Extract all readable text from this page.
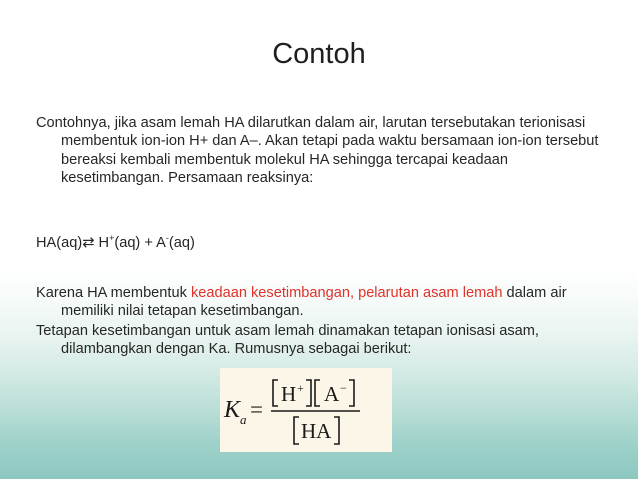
Contoh

Contohnya, jika asam lemah HA dilarutkan dalam air, larutan tersebutakan terionisasi membentuk ion-ion H+ dan A–. Akan tetapi pada waktu bersamaan ion-ion tersebut bereaksi kembali membentuk molekul HA sehingga tercapai keadaan kesetimbangan. Persamaan reaksinya:

HA(aq)⇄ H+(aq) + A-(aq)

Karena HA membentuk keadaan kesetimbangan, pelarutan asam lemah dalam air memiliki nilai tetapan kesetimbangan.

Tetapan kesetimbangan untuk asam lemah dinamakan tetapan ionisasi asam, dilambangkan dengan Ka. Rumusnya sebagai berikut:

K a =
H + A −
HA
